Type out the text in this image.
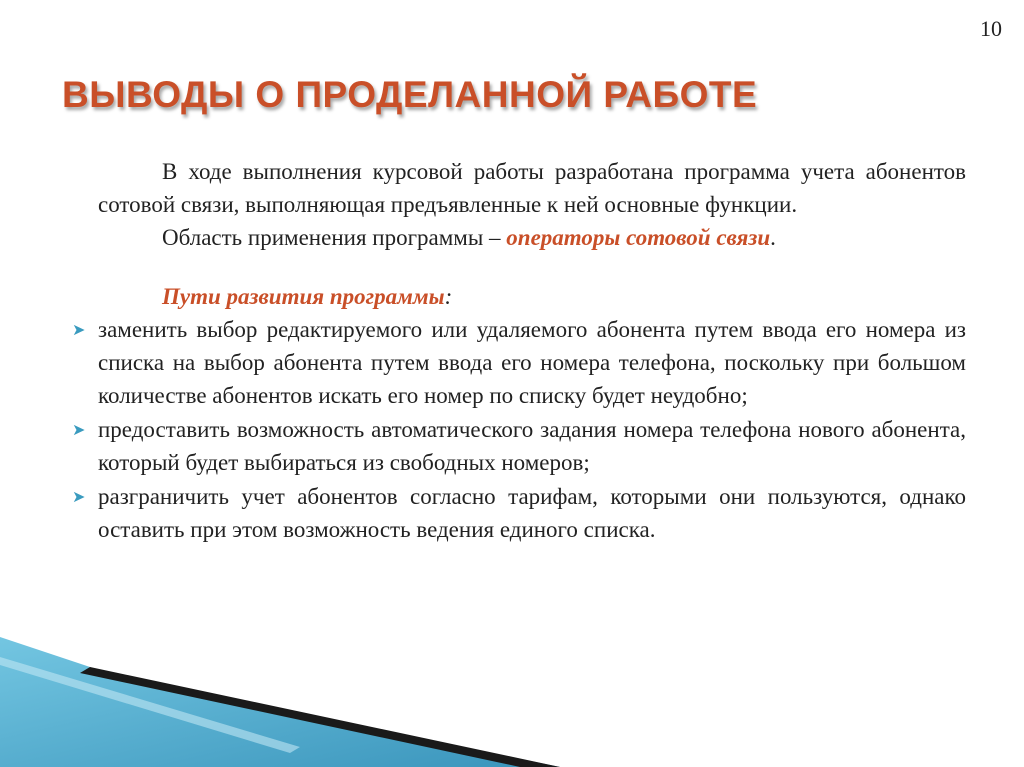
10
ВЫВОДЫ О ПРОДЕЛАННОЙ РАБОТЕ

В ходе выполнения курсовой работы разработана программа учета абонентов сотовой связи, выполняющая предъявленные к ней основные функции.

Область применения программы – операторы сотовой связи.

Пути развития программы:

➤ заменить выбор редактируемого или удаляемого абонента путем ввода его номера из списка на выбор абонента путем ввода его номера телефона, поскольку при большом количестве абонентов искать его номер по списку будет неудобно;
➤ предоставить возможность автоматического задания номера телефона нового абонента, который будет выбираться из свободных номеров;
➤ разграничить учет абонентов согласно тарифам, которыми они пользуются, однако оставить при этом возможность ведения единого списка.
